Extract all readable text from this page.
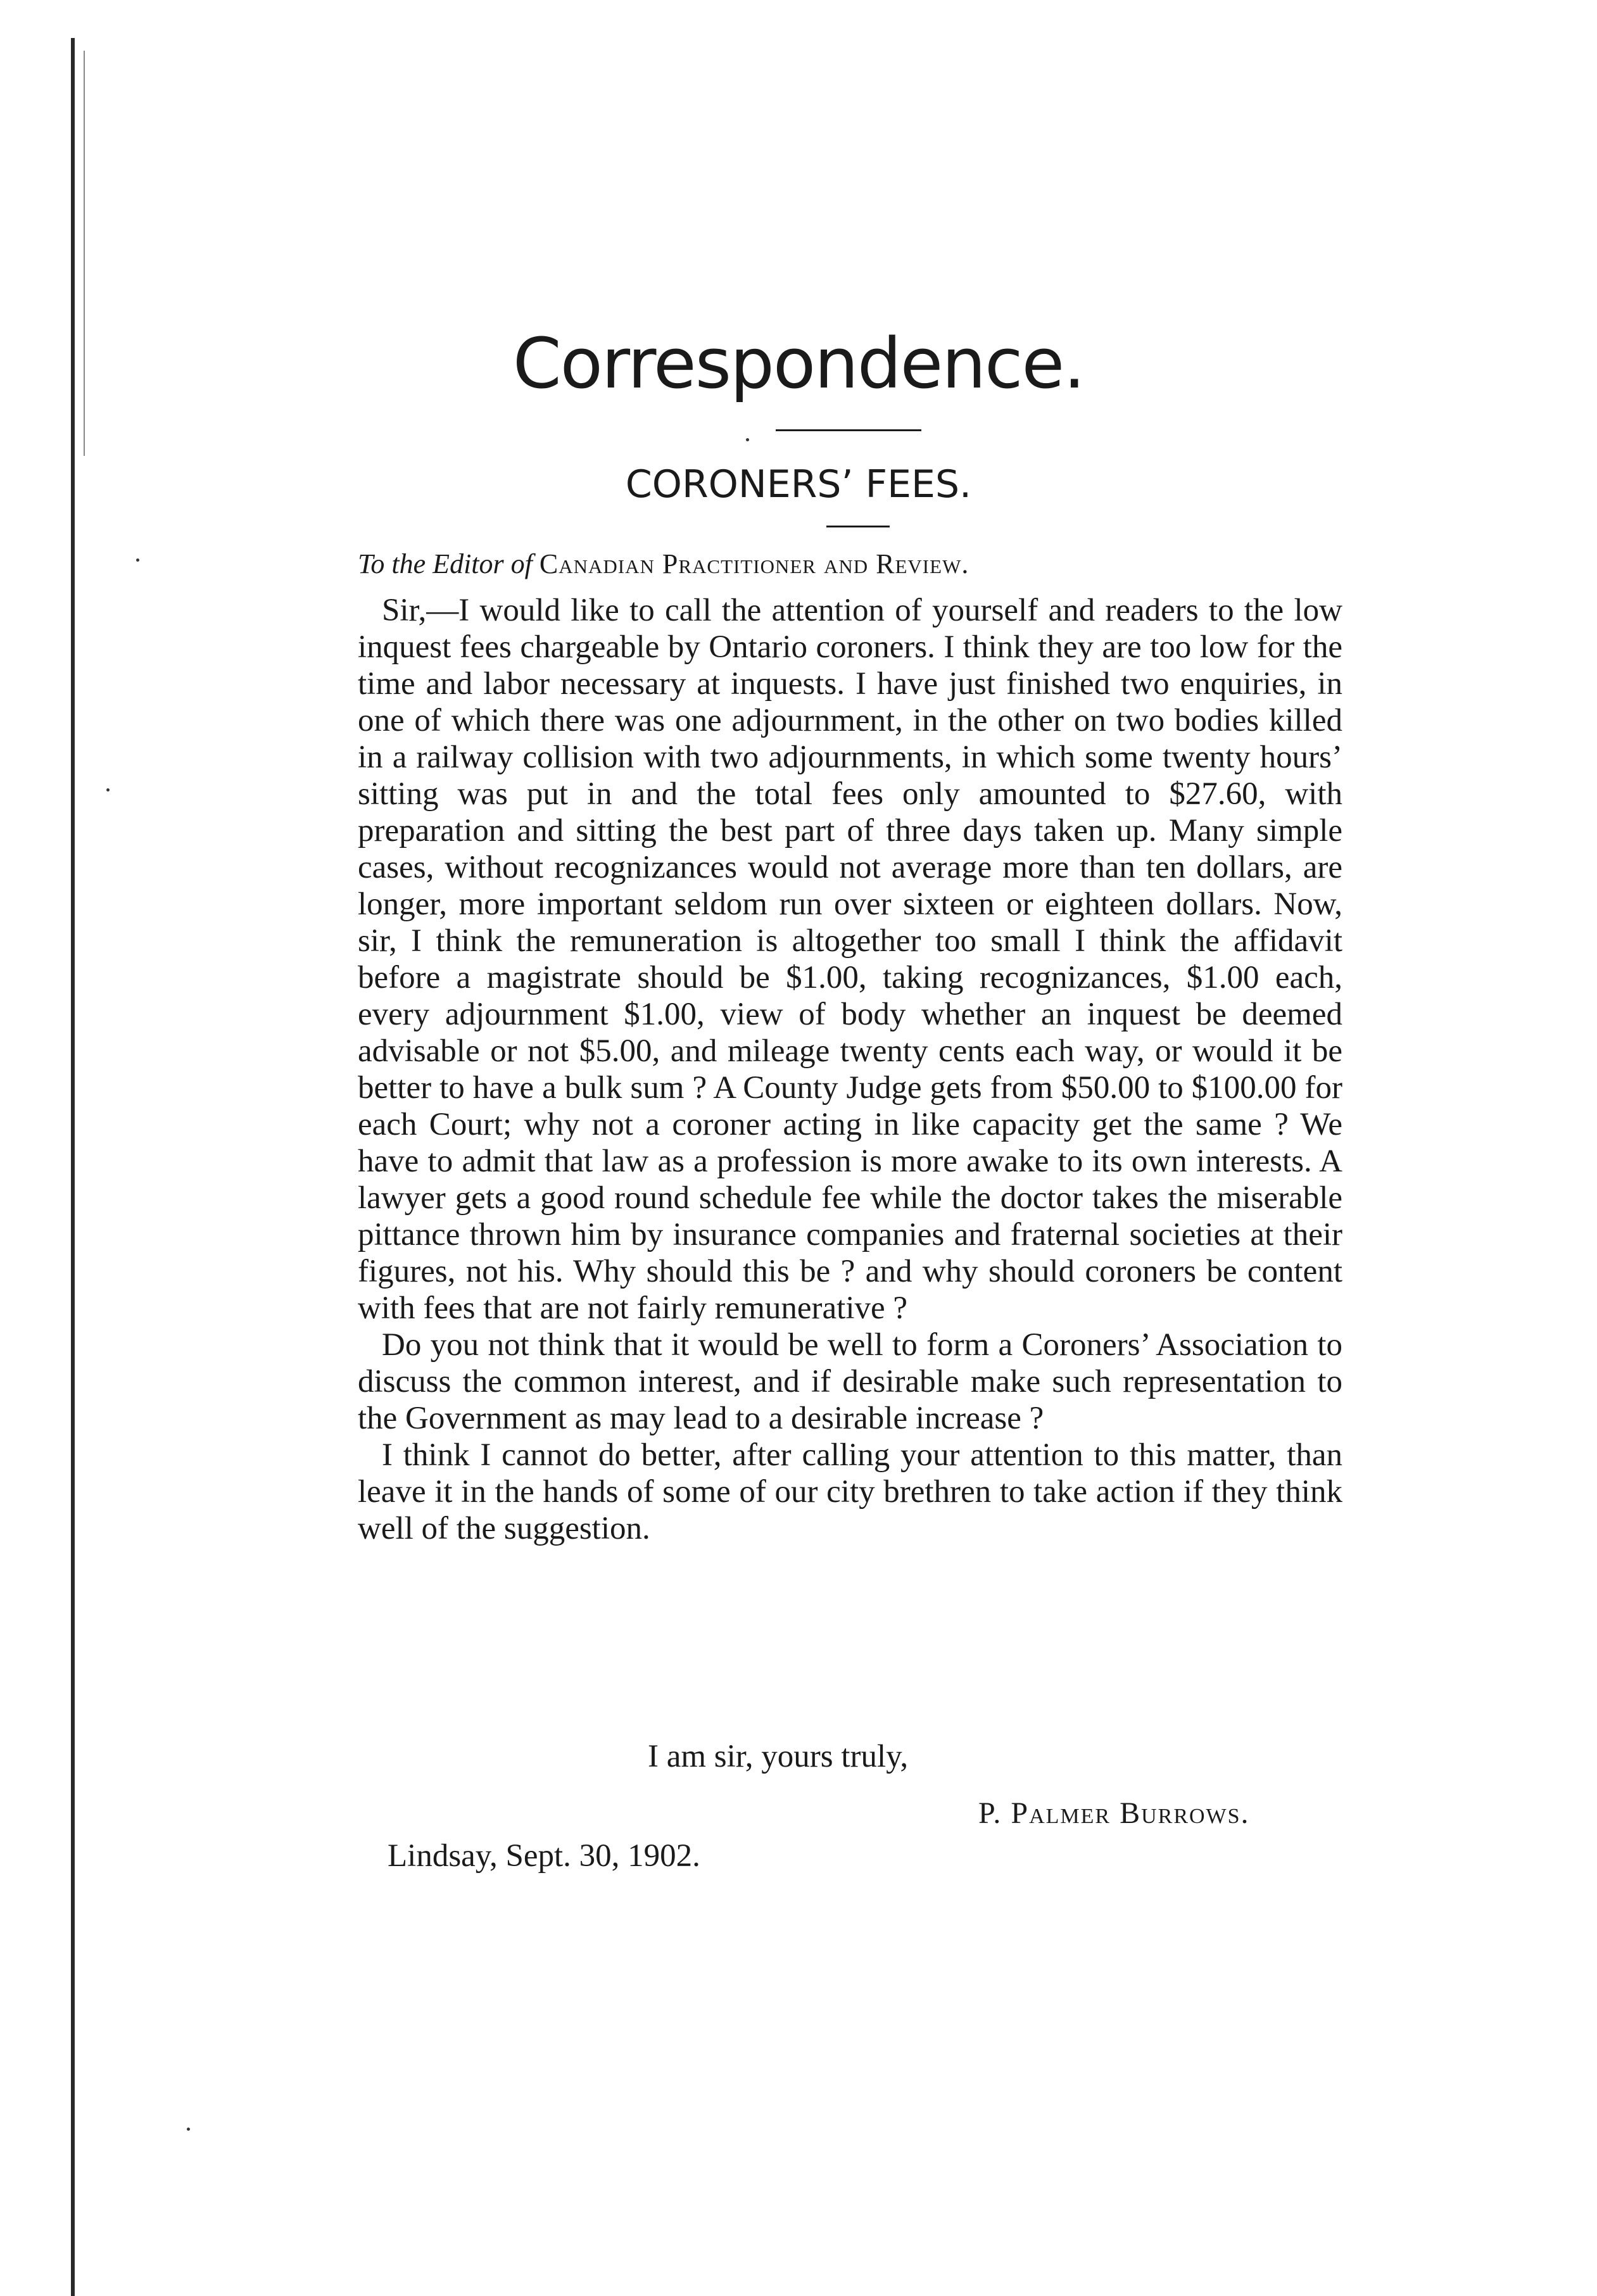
Correspondence.
CORONERS’ FEES.
To the Editor of Canadian Practitioner and Review.

Sir,—I would like to call the attention of yourself and readers to the low inquest fees chargeable by Ontario coroners. I think they are too low for the time and labor necessary at inquests. I have just finished two enquiries, in one of which there was one adjournment, in the other on two bodies killed in a railway collision with two adjournments, in which some twenty hours’ sitting was put in and the total fees only amounted to $27.60, with preparation and sitting the best part of three days taken up. Many simple cases, without recognizances would not average more than ten dollars, are longer, more important seldom run over sixteen or eighteen dollars. Now, sir, I think the remuneration is altogether too small I think the affidavit before a magistrate should be $1.00, taking recognizances, $1.00 each, every adjournment $1.00, view of body whether an inquest be deemed advisable or not $5.00, and mileage twenty cents each way, or would it be better to have a bulk sum ? A County Judge gets from $50.00 to $100.00 for each Court; why not a coroner acting in like capacity get the same ? We have to admit that law as a profession is more awake to its own interests. A lawyer gets a good round schedule fee while the doctor takes the miserable pittance thrown him by insurance companies and fraternal societies at their figures, not his. Why should this be ? and why should coroners be content with fees that are not fairly remunerative ?

Do you not think that it would be well to form a Coroners’ Association to discuss the common interest, and if desirable make such representation to the Government as may lead to a desirable increase ?

I think I cannot do better, after calling your attention to this matter, than leave it in the hands of some of our city brethren to take action if they think well of the suggestion.

I am sir, yours truly,
P. Palmer Burrows.
Lindsay, Sept. 30, 1902.
